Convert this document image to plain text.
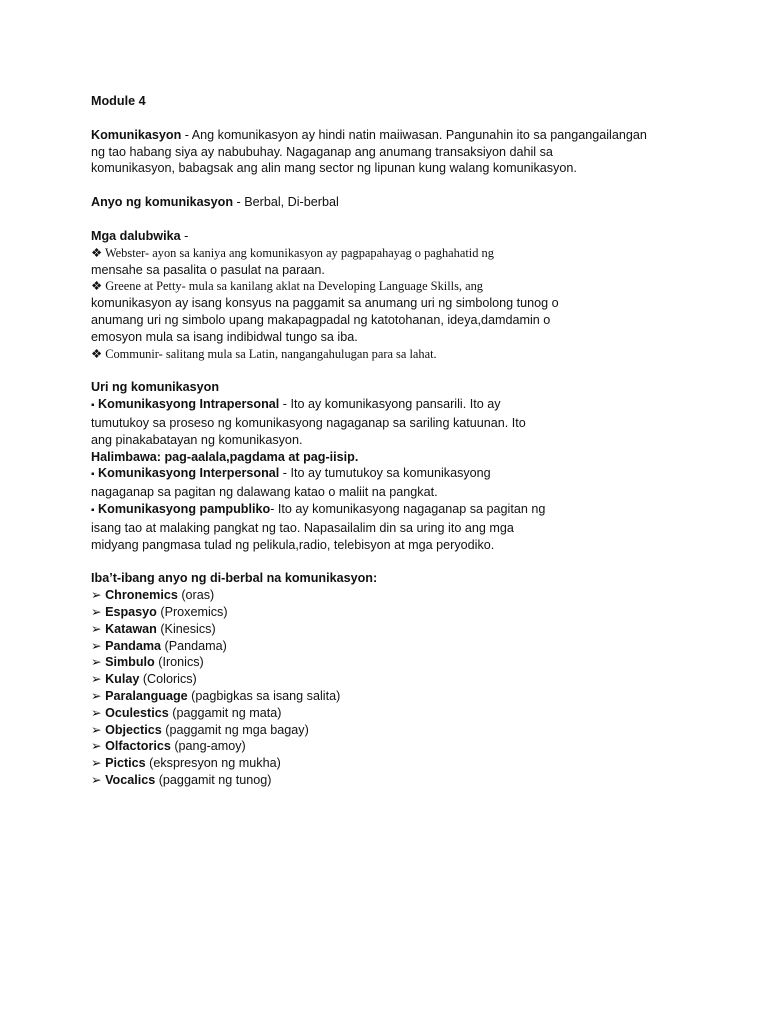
Module 4
Komunikasyon - Ang komunikasyon ay hindi natin maiiwasan. Pangunahin ito sa pangangailangan
ng tao habang siya ay nabubuhay. Nagaganap ang anumang transaksiyon dahil sa
komunikasyon, babagsak ang alin mang sector ng lipunan kung walang komunikasyon.
Anyo ng komunikasyon - Berbal, Di-berbal
Mga dalubwika -
❖ Webster- ayon sa kaniya ang komunikasyon ay pagpapahayag o paghahatid ng
mensahe sa pasalita o pasulat na paraan.
❖ Greene at Petty- mula sa kanilang aklat na Developing Language Skills, ang
komunikasyon ay isang konsyus na paggamit sa anumang uri ng simbolong tunog o
anumang uri ng simbolo upang makapagpadal ng katotohanan, ideya,damdamin o
emosyon mula sa isang indibidwal tungo sa iba.
❖ Communir- salitang mula sa Latin, nangangahulugan para sa lahat.
Uri ng komunikasyon
▪ Komunikasyong Intrapersonal - Ito ay komunikasyong pansarili. Ito ay
tumutukoy sa proseso ng komunikasyong nagaganap sa sariling katuunan. Ito
ang pinakabatayan ng komunikasyon.
Halimbawa: pag-aalala,pagdama at pag-iisip.
▪ Komunikasyong Interpersonal - Ito ay tumutukoy sa komunikasyong
nagaganap sa pagitan ng dalawang katao o maliit na pangkat.
▪ Komunikasyong pampubliko- Ito ay komunikasyong nagaganap sa pagitan ng
isang tao at malaking pangkat ng tao. Napasailalim din sa uring ito ang mga
midyang pangmasa tulad ng pelikula,radio, telebisyon at mga peryodiko.
Iba’t-ibang anyo ng di-berbal na komunikasyon:
➢ Chronemics (oras)
➢ Espasyo (Proxemics)
➢ Katawan (Kinesics)
➢ Pandama (Pandama)
➢ Simbulo (Ironics)
➢ Kulay (Colorics)
➢ Paralanguage (pagbigkas sa isang salita)
➢ Oculestics (paggamit ng mata)
➢ Objectics (paggamit ng mga bagay)
➢ Olfactorics (pang-amoy)
➢ Pictics (ekspresyon ng mukha)
➢ Vocalics (paggamit ng tunog)
